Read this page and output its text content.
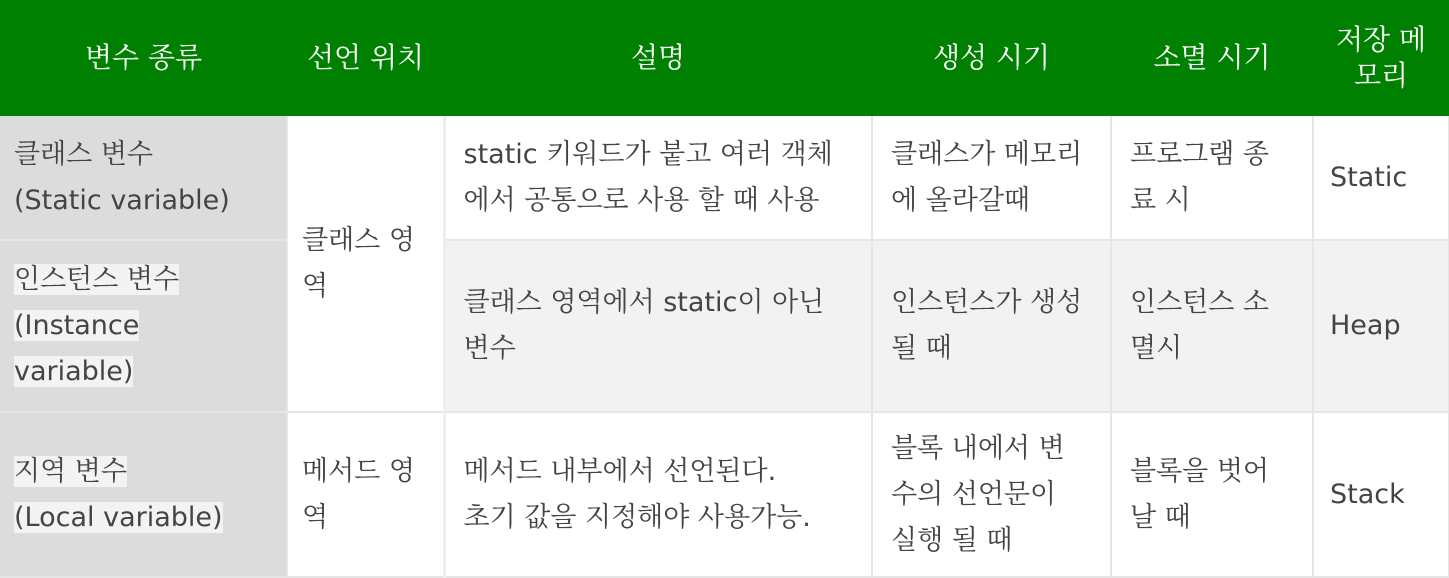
변수 종류	선언 위치	설명	생성 시기	소멸 시기	저장 메
모리

클래스 변수
(Static variable)	클래스 영역	static 키워드가 붙고 여러 객체
에서 공통으로 사용 할 때 사용	클래스가 메모리
에 올라갈때	프로그램 종
료 시	Static
인스턴스 변수
(Instance
variable)		클래스 영역에서 static이 아닌
변수	인스턴스가 생성
될 때	인스턴스 소
멸시	Heap
지역 변수
(Local variable)	메서드 영역	메서드 내부에서 선언된다.
초기 값을 지정해야 사용가능.	블록 내에서 변
수의 선언문이
실행 될 때	블록을 벗어
날 때	Stack
